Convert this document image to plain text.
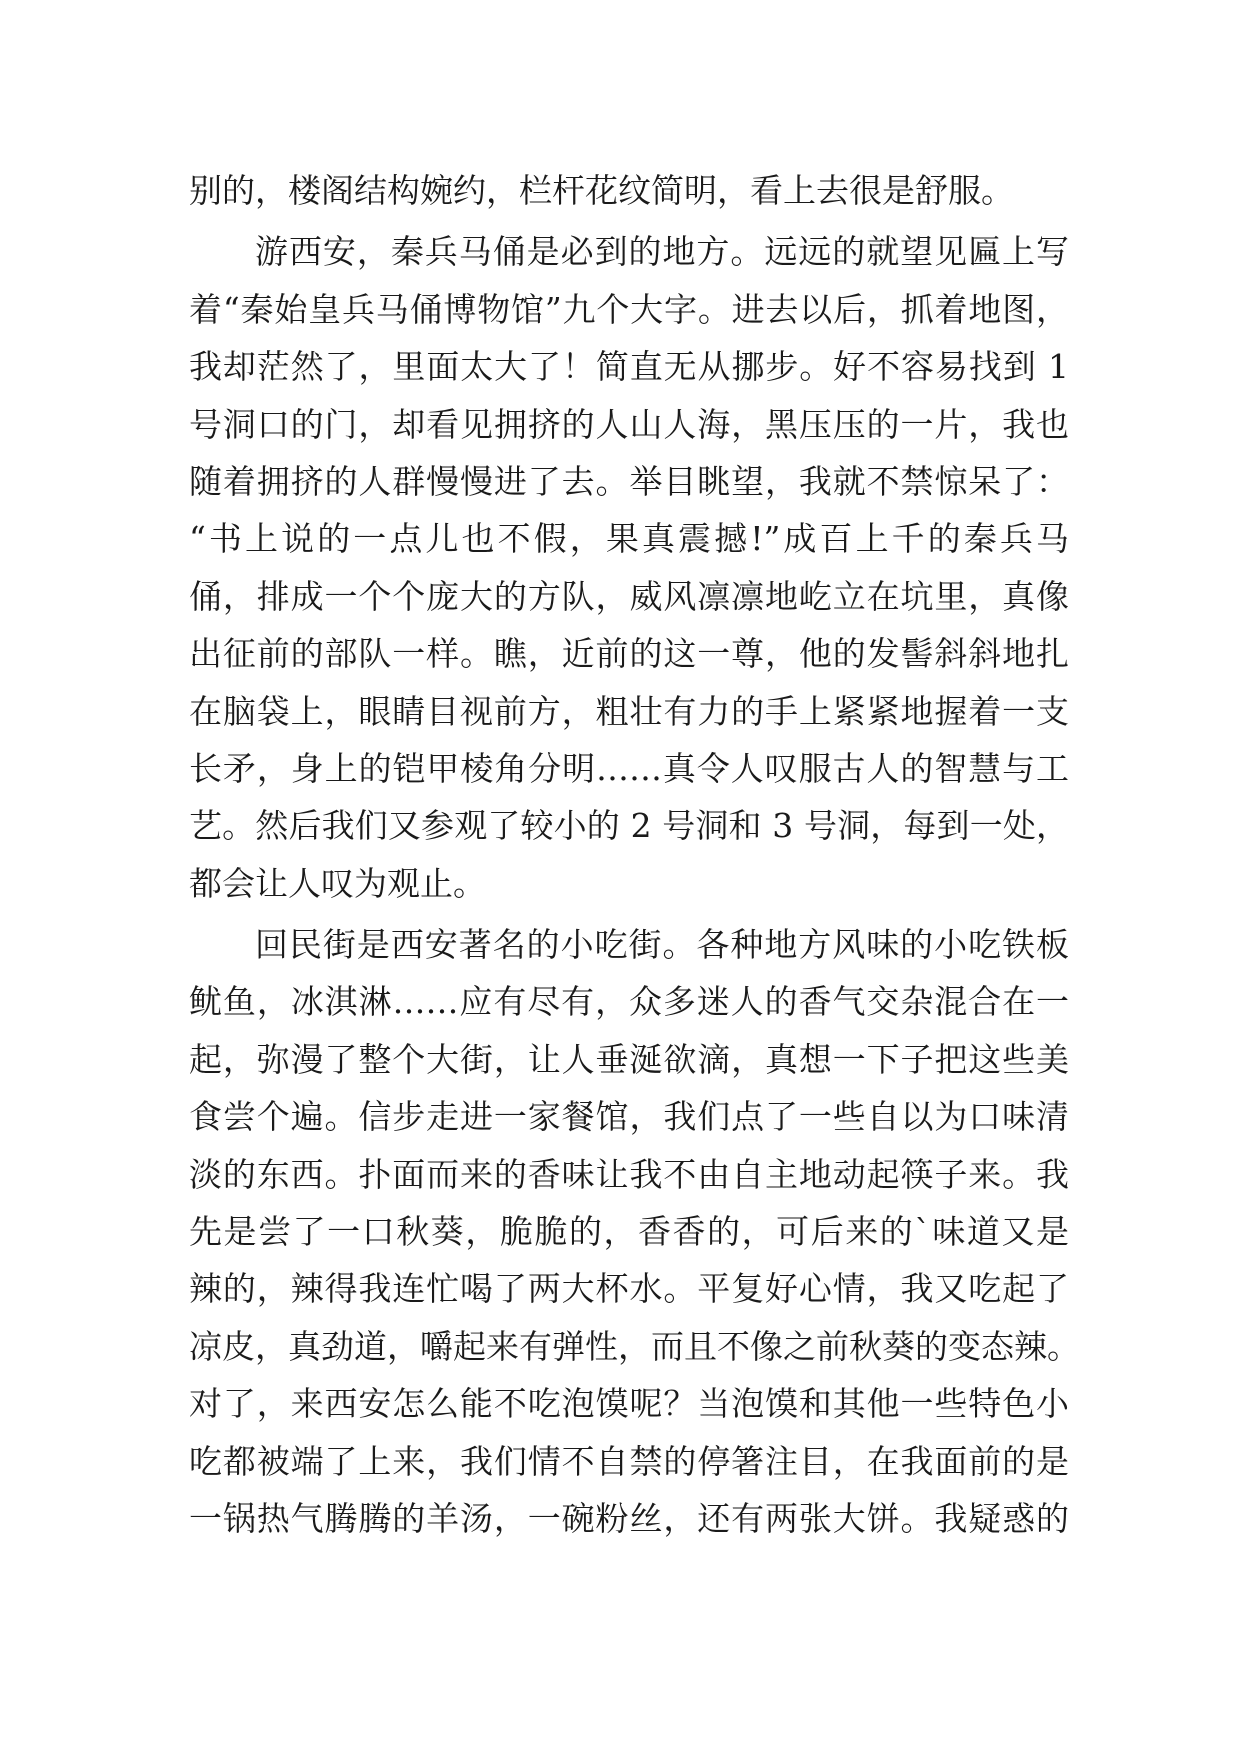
别的，楼阁结构婉约，栏杆花纹简明，看上去很是舒服。
游西安，秦兵马俑是必到的地方。远远的就望见匾上写
着“秦始皇兵马俑博物馆”九个大字。进去以后，抓着地图，
我却茫然了，里面太大了！简直无从挪步。好不容易找到 1
号洞口的门，却看见拥挤的人山人海，黑压压的一片，我也
随着拥挤的人群慢慢进了去。举目眺望，我就不禁惊呆了：
“书上说的一点儿也不假，果真震撼!”成百上千的秦兵马
俑，排成一个个庞大的方队，威风凛凛地屹立在坑里，真像
出征前的部队一样。瞧，近前的这一尊，他的发髻斜斜地扎
在脑袋上，眼睛目视前方，粗壮有力的手上紧紧地握着一支
长矛，身上的铠甲棱角分明……真令人叹服古人的智慧与工
艺。然后我们又参观了较小的 2 号洞和 3 号洞，每到一处，
都会让人叹为观止。
回民街是西安著名的小吃街。各种地方风味的小吃铁板
鱿鱼，冰淇淋……应有尽有，众多迷人的香气交杂混合在一
起，弥漫了整个大街，让人垂涎欲滴，真想一下子把这些美
食尝个遍。信步走进一家餐馆，我们点了一些自以为口味清
淡的东西。扑面而来的香味让我不由自主地动起筷子来。我
先是尝了一口秋葵，脆脆的，香香的，可后来的`味道又是
辣的，辣得我连忙喝了两大杯水。平复好心情，我又吃起了
凉皮，真劲道，嚼起来有弹性，而且不像之前秋葵的变态辣。
对了，来西安怎么能不吃泡馍呢？当泡馍和其他一些特色小
吃都被端了上来，我们情不自禁的停箸注目，在我面前的是
一锅热气腾腾的羊汤，一碗粉丝，还有两张大饼。我疑惑的
